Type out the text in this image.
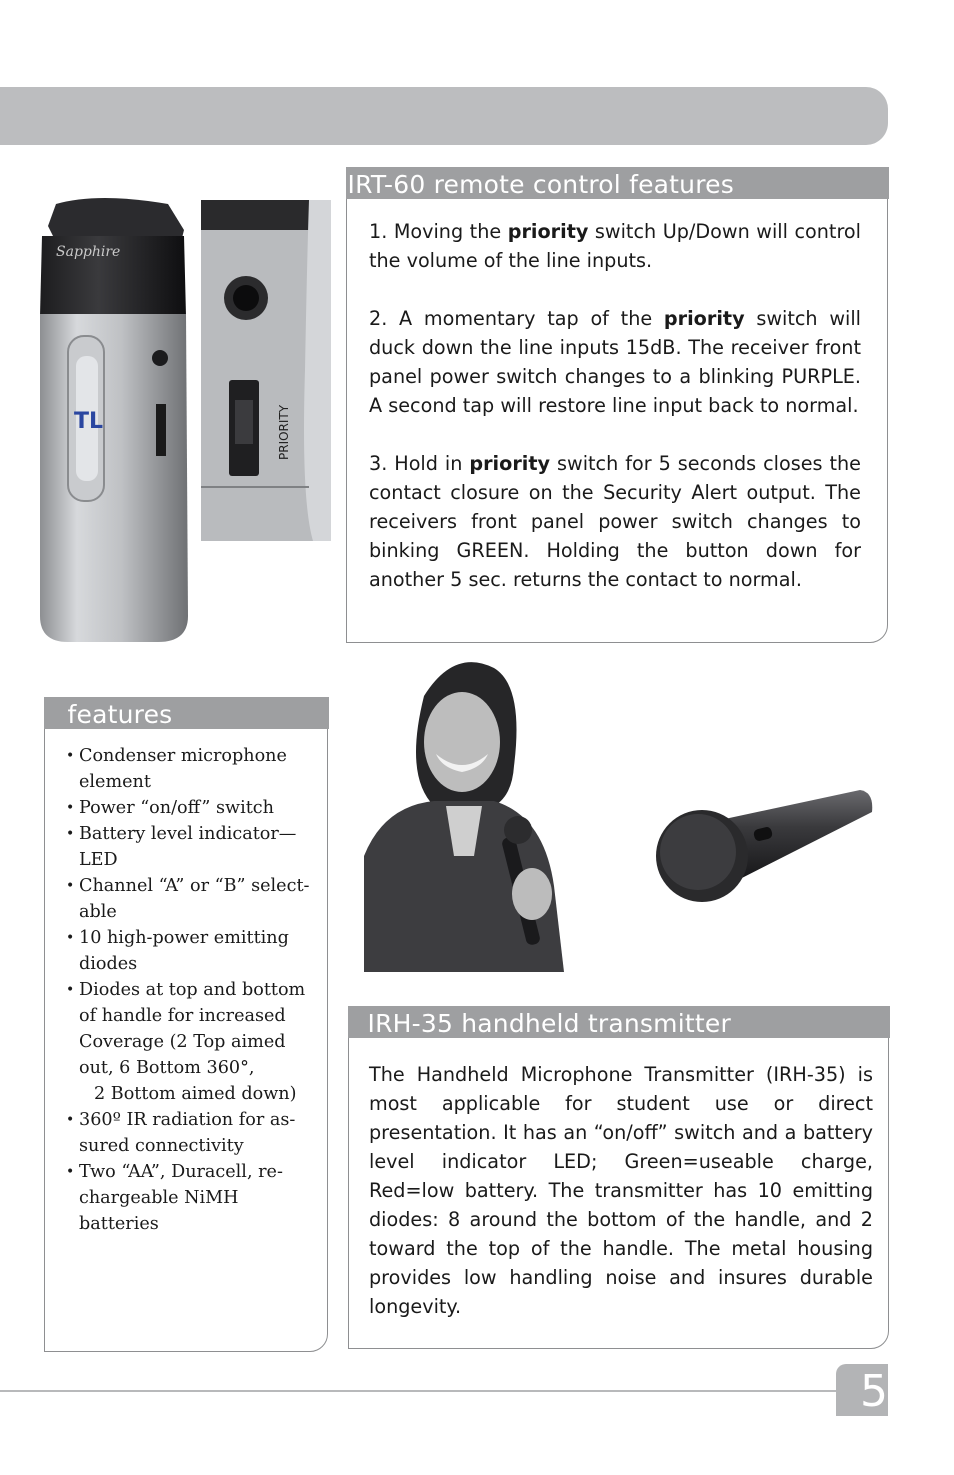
TL
Sapphire
PRIORITY
IRT-60 remote control features

1. Moving the priority switch Up/Down will control the volume of the line inputs.

2. A momentary tap of the priority switch will duck down the line inputs 15dB. The receiver front panel power switch changes to a blinking PURPLE. A second tap will restore line input back to normal.

3. Hold in priority switch for 5 seconds closes the contact closure on the Security Alert output. The receivers front panel power switch changes to binking GREEN. Holding the button down for another 5 sec. returns the contact to normal.

features
• Condenser microphone
element
• Power “on/off” switch
• Battery level indicator—
LED
• Channel “A” or “B” select-
able
• 10 high-power emitting
diodes
• Diodes at top and bottom
of handle for increased
Coverage (2 Top aimed
out, 6 Bottom 360°,
2 Bottom aimed down)
• 360º IR radiation for as-
sured connectivity
• Two “AA”, Duracell, re-
chargeable NiMH batteries
IRH-35 handheld transmitter

The Handheld Microphone Transmitter (IRH-35) is most applicable for student use or direct presentation. It has an “on/off” switch and a battery level indicator LED; Green=useable charge, Red=low battery. The transmitter has 10 emitting diodes: 8 around the bottom of the handle, and 2 toward the top of the handle. The metal housing provides low handling noise and insures durable longevity.

5
